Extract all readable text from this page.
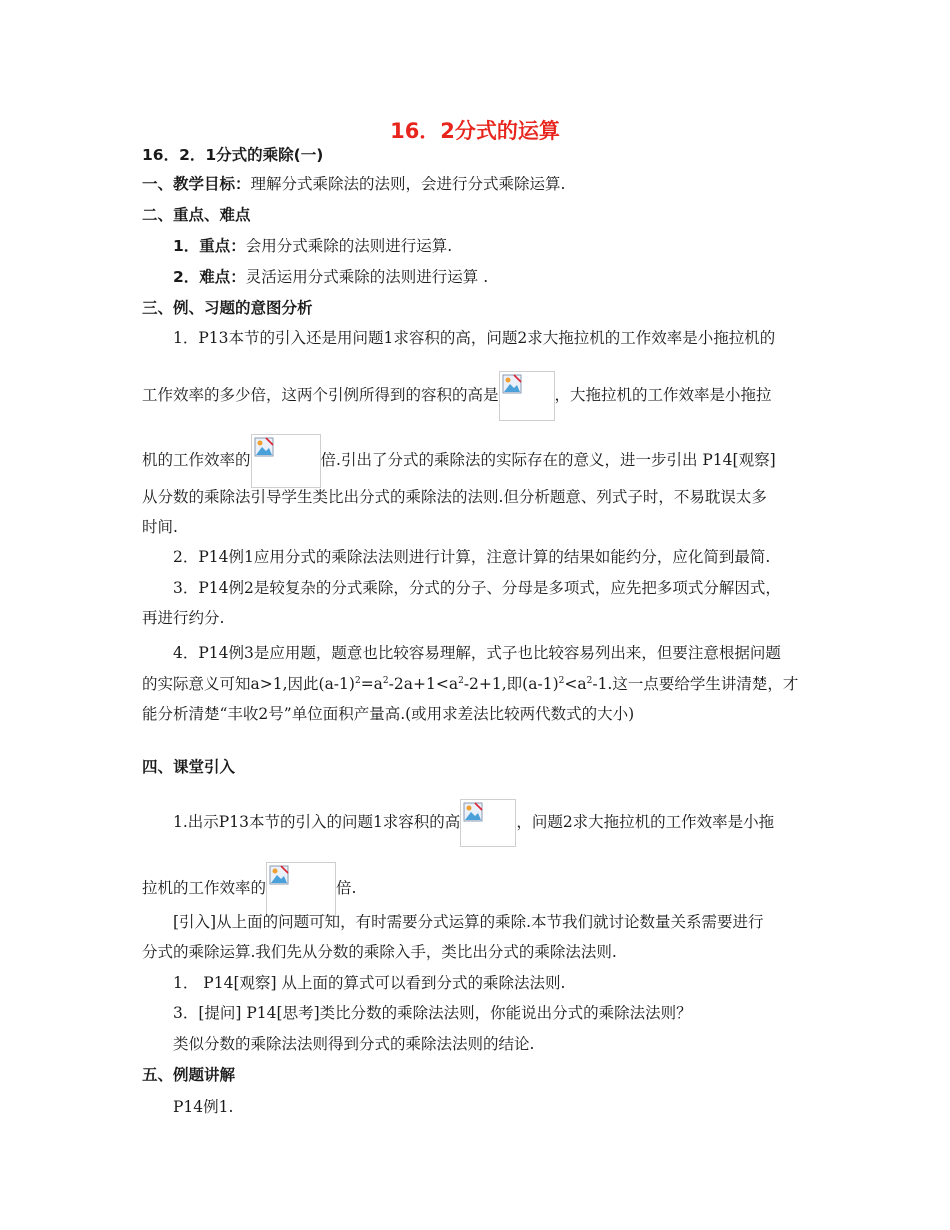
16．2分式的运算
16．2．1分式的乘除(一)
一、教学目标：理解分式乘除法的法则，会进行分式乘除运算.
二、重点、难点
1．重点：会用分式乘除的法则进行运算.
2．难点：灵活运用分式乘除的法则进行运算 .
三、例、习题的意图分析
1．P13本节的引入还是用问题1求容积的高，问题2求大拖拉机的工作效率是小拖拉机的
工作效率的多少倍，这两个引例所得到的容积的高是	，大拖拉机的工作效率是小拖拉
机的工作效率的	倍.引出了分式的乘除法的实际存在的意义，进一步引出 P14[观察]
从分数的乘除法引导学生类比出分式的乘除法的法则.但分析题意、列式子时，不易耽误太多
时间.
2．P14例1应用分式的乘除法法则进行计算，注意计算的结果如能约分，应化简到最简.
3．P14例2是较复杂的分式乘除，分式的分子、分母是多项式，应先把多项式分解因式，
再进行约分.
4．P14例3是应用题，题意也比较容易理解，式子也比较容易列出来，但要注意根据问题
的实际意义可知a>1,因此$(a-1)^2=a^2-2a+1<a^2-2+1$,即$(a-1)^2<a^2-1$.这一点要给学生讲清楚，才
能分析清楚“丰收2号”单位面积产量高.(或用求差法比较两代数式的大小)
四、课堂引入
1.出示P13本节的引入的问题1求容积的高	，问题2求大拖拉机的工作效率是小拖
拉机的工作效率的	倍.
[引入]从上面的问题可知，有时需要分式运算的乘除.本节我们就讨论数量关系需要进行
分式的乘除运算.我们先从分数的乘除入手，类比出分式的乘除法法则.
1． P14[观察] 从上面的算式可以看到分式的乘除法法则.
3．[提问] P14[思考]类比分数的乘除法法则，你能说出分式的乘除法法则？
类似分数的乘除法法则得到分式的乘除法法则的结论.
五、例题讲解
P14例1.
